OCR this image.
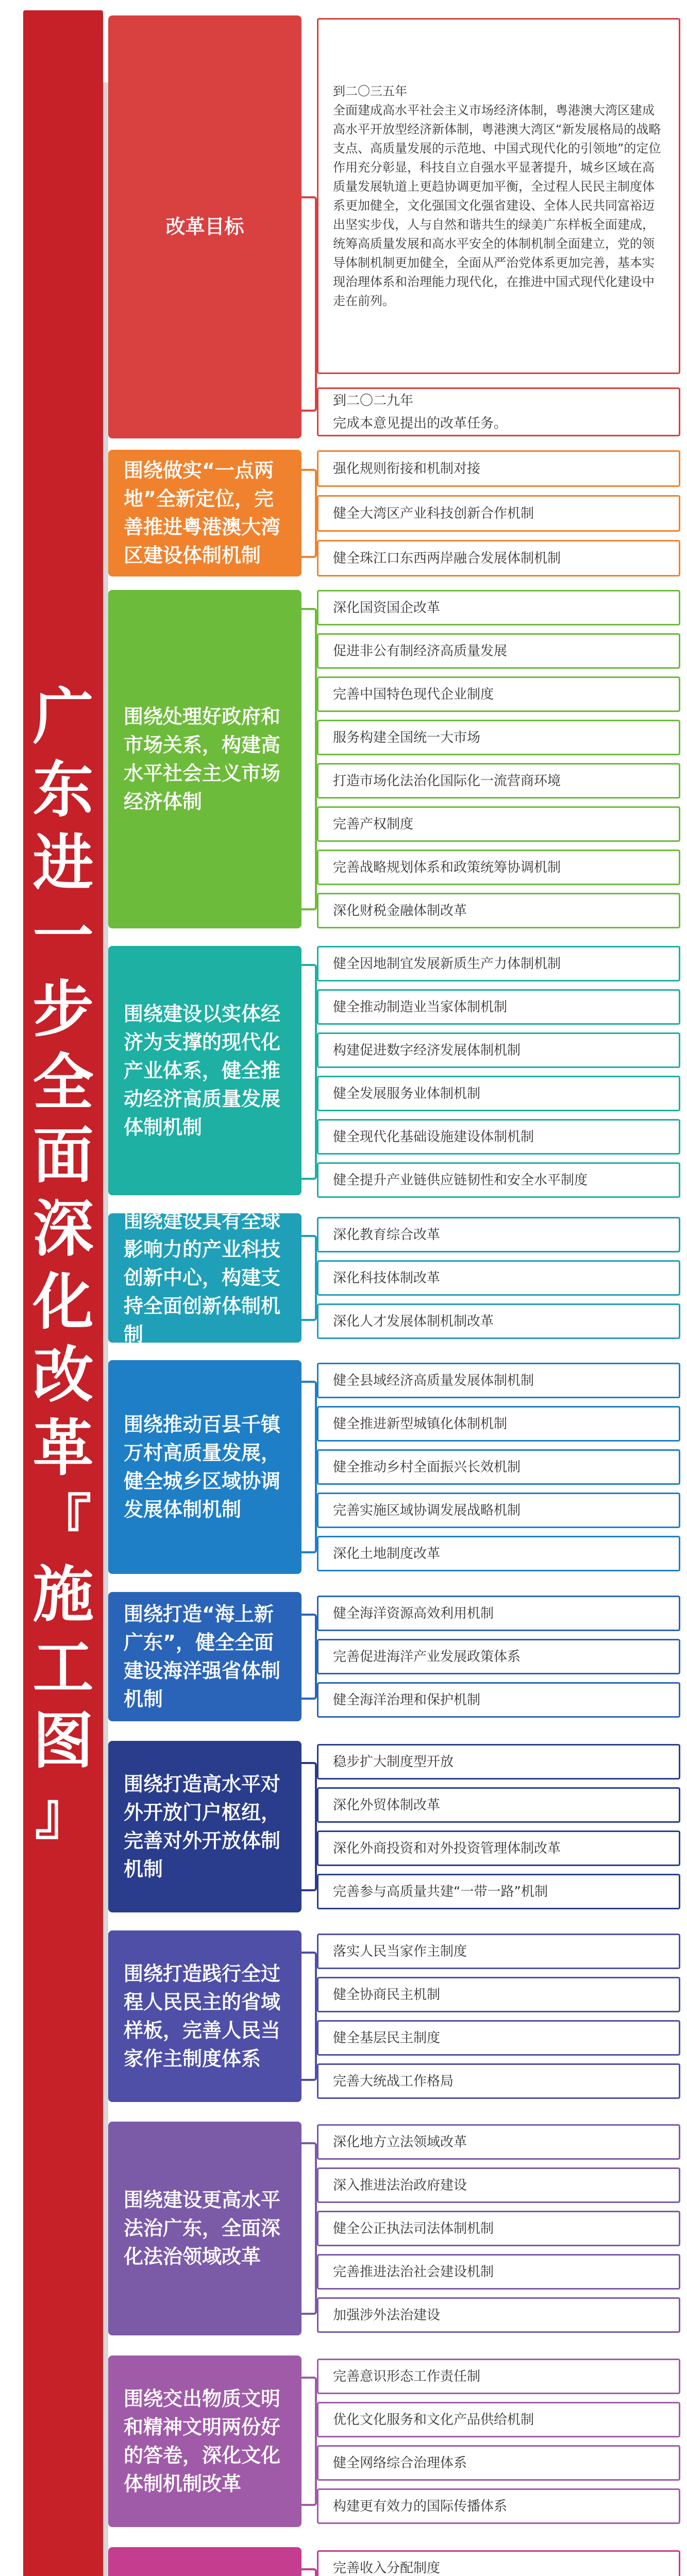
广
东
进
一
步
全
面
深
化
改
革
『
施
工
图
』
改革目标
到二〇三五年
全面建成高水平社会主义市场经济体制，粤港澳大湾区建成高水平开放型经济新体制，粤港澳大湾区“新发展格局的战略支点、高质量发展的示范地、中国式现代化的引领地”的定位作用充分彰显，科技自立自强水平显著提升，城乡区域在高质量发展轨道上更趋协调更加平衡，全过程人民民主制度体系更加健全，文化强国文化强省建设、全体人民共同富裕迈出坚实步伐，人与自然和谐共生的绿美广东样板全面建成，统筹高质量发展和高水平安全的体制机制全面建立，党的领导体制机制更加健全，全面从严治党体系更加完善，基本实现治理体系和治理能力现代化，在推进中国式现代化建设中走在前列。
到二〇二九年
完成本意见提出的改革任务。
围绕做实“一点两地”全新定位，完善推进粤港澳大湾区建设体制机制
强化规则衔接和机制对接
健全大湾区产业科技创新合作机制
健全珠江口东西两岸融合发展体制机制
围绕处理好政府和市场关系，构建高水平社会主义市场经济体制
深化国资国企改革
促进非公有制经济高质量发展
完善中国特色现代企业制度
服务构建全国统一大市场
打造市场化法治化国际化一流营商环境
完善产权制度
完善战略规划体系和政策统筹协调机制
深化财税金融体制改革
围绕建设以实体经济为支撑的现代化产业体系，健全推动经济高质量发展体制机制
健全因地制宜发展新质生产力体制机制
健全推动制造业当家体制机制
构建促进数字经济发展体制机制
健全发展服务业体制机制
健全现代化基础设施建设体制机制
健全提升产业链供应链韧性和安全水平制度
围绕建设具有全球影响力的产业科技创新中心，构建支持全面创新体制机制
深化教育综合改革
深化科技体制改革
深化人才发展体制机制改革
围绕推动百县千镇万村高质量发展，健全城乡区域协调发展体制机制
健全县域经济高质量发展体制机制
健全推进新型城镇化体制机制
健全推动乡村全面振兴长效机制
完善实施区域协调发展战略机制
深化土地制度改革
围绕打造“海上新广东”，健全全面建设海洋强省体制机制
健全海洋资源高效利用机制
完善促进海洋产业发展政策体系
健全海洋治理和保护机制
围绕打造高水平对外开放门户枢纽，完善对外开放体制机制
稳步扩大制度型开放
深化外贸体制改革
深化外商投资和对外投资管理体制改革
完善参与高质量共建“一带一路”机制
围绕打造践行全过程人民民主的省域样板，完善人民当家作主制度体系
落实人民当家作主制度
健全协商民主机制
健全基层民主制度
完善大统战工作格局
围绕建设更高水平法治广东，全面深化法治领域改革
深化地方立法领域改革
深入推进法治政府建设
健全公正执法司法体制机制
完善推进法治社会建设机制
加强涉外法治建设
围绕交出物质文明和精神文明两份好的答卷，深化文化体制机制改革
完善意识形态工作责任制
优化文化服务和文化产品供给机制
健全网络综合治理体系
构建更有效力的国际传播体系
完善收入分配制度
